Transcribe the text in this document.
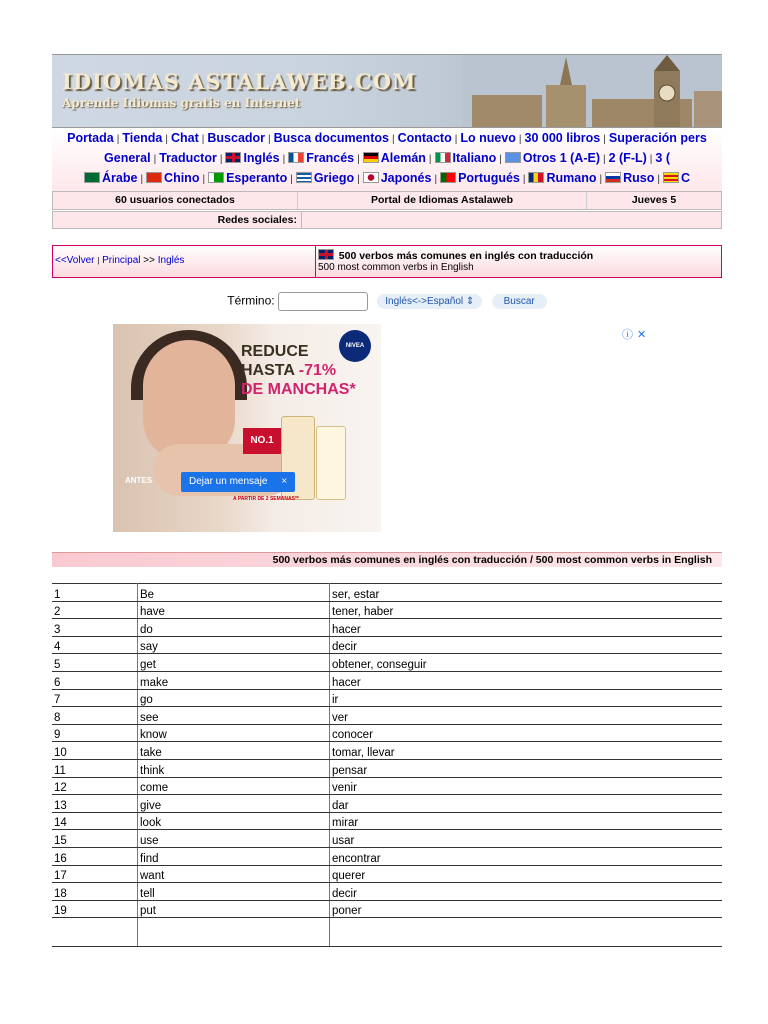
IDIOMAS ASTALAWEB.COM
Aprende Idiomas gratis en Internet
Portada | Tienda | Chat | Buscador | Busca documentos | Contacto | Lo nuevo | 30 000 libros | Superación pers
General | Traductor | Inglés | Francés | Alemán | Italiano | Otros 1 (A-E) | 2 (F-L) | 3 (
Árabe | Chino | Esperanto | Griego | Japonés | Portugués | Rumano | Ruso | C
60 usuarios conectados	Portal de Idiomas Astalaweb	Jueves 5
Redes sociales:
<<Volver | Principal >> Inglés	500 verbos más comunes en inglés con traducción
500 most common verbs in English
Término:	Inglés<->Español ⇕	Buscar
REDUCE
HASTA -71%
DE MANCHAS*
NIVEA
NO.1
ANTES
A PARTIR DE 2 SEMANAS**
Dejar un mensaje ×
ⓘ ✕
500 verbos más comunes en inglés con traducción / 500 most common verbs in English
1	Be	ser, estar
2	have	tener, haber
3	do	hacer
4	say	decir
5	get	obtener, conseguir
6	make	hacer
7	go	ir
8	see	ver
9	know	conocer
10	take	tomar, llevar
11	think	pensar
12	come	venir
13	give	dar
14	look	mirar
15	use	usar
16	find	encontrar
17	want	querer
18	tell	decir
19	put	poner
